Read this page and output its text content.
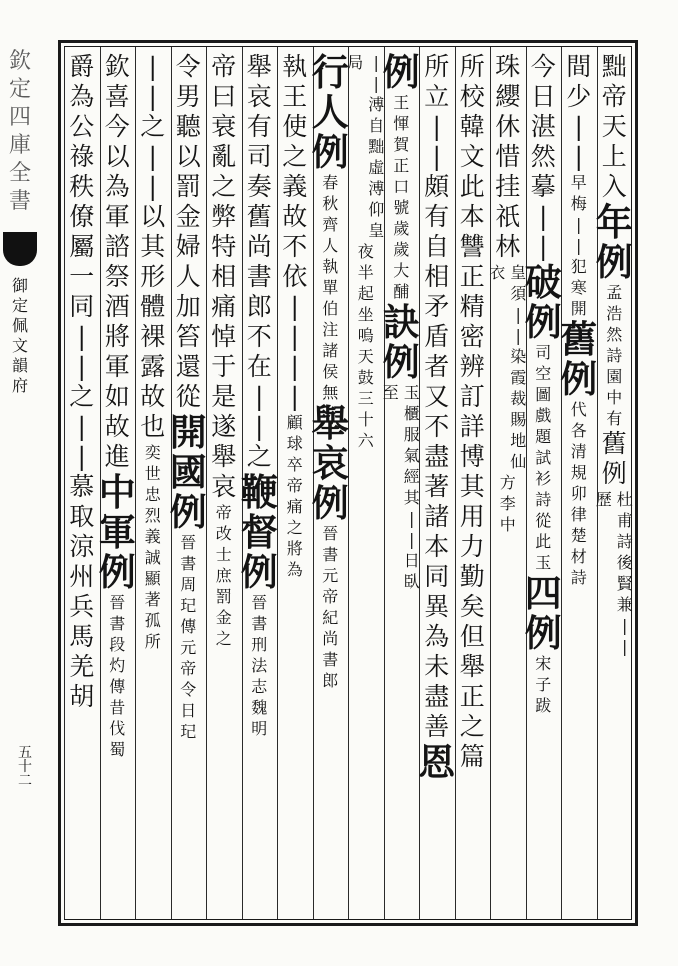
欽
定
四
庫
全
書
御
定
佩
文
韻
府
五
十
二
黜
帝
天
上
入
年
例
孟
浩
然
詩
園
中
有
舊
例
杜
甫
詩
後
賢
兼
|
|
歷
間
少
|
|
早
梅
|
|
犯
寒
開
舊
例
代
各
清
規
卯
律
楚
材
詩
今
日
湛
然
摹
|
|
破
例
司
空
圖
戲
題
試
衫
詩
從
此
玉
四
例
宋
子
跋
珠
纓
休
惜
挂
祇
林
皇
須
|
|
染
霞
裁
賜
地
仙
衣
方
李
中
所
校
韓
文
此
本
讐
正
精
密
辨
訂
詳
博
其
用
力
勤
矣
但
舉
正
之
篇
所
立
|
|
頗
有
自
相
矛
盾
者
又
不
盡
著
諸
本
同
異
為
未
盡
善
恩
例
王
惲
賀
正
口
號
歲
歲
大
酺
訣
例
玉
櫃
服
氣
經
其
|
|
日
臥
至
|
|
溥
自
黜
虛
溥
仰
皇
局
夜
半
起
坐
嗚
天
鼓
三
十
六
行
人
例
春
秋
齊
人
執
單
伯
注
諸
侯
無
舉
哀
例
晉
書
元
帝
紀
尚
書
郎
執
王
使
之
義
故
不
依
|
|
|
|
顧
球
卒
帝
痛
之
將
為
舉
哀
有
司
奏
舊
尚
書
郎
不
在
|
|
之
鞭
督
例
晉
書
刑
法
志
魏
明
帝
曰
衰
亂
之
弊
特
相
痛
悼
于
是
遂
舉
哀
帝
改
士
庶
罰
金
之
令
男
聽
以
罰
金
婦
人
加
笞
還
從
開
國
例
晉
書
周
玘
傳
元
帝
令
日
玘
|
|
之
|
|
以
其
形
體
裸
露
故
也
奕
世
忠
烈
義
誠
顯
著
孤
所
欽
喜
今
以
為
軍
諮
祭
酒
將
軍
如
故
進
中
軍
例
晉
書
段
灼
傳
昔
伐
蜀
爵
為
公
祿
秩
僚
屬
一
同
|
|
之
|
|
慕
取
涼
州
兵
馬
羌
胡
